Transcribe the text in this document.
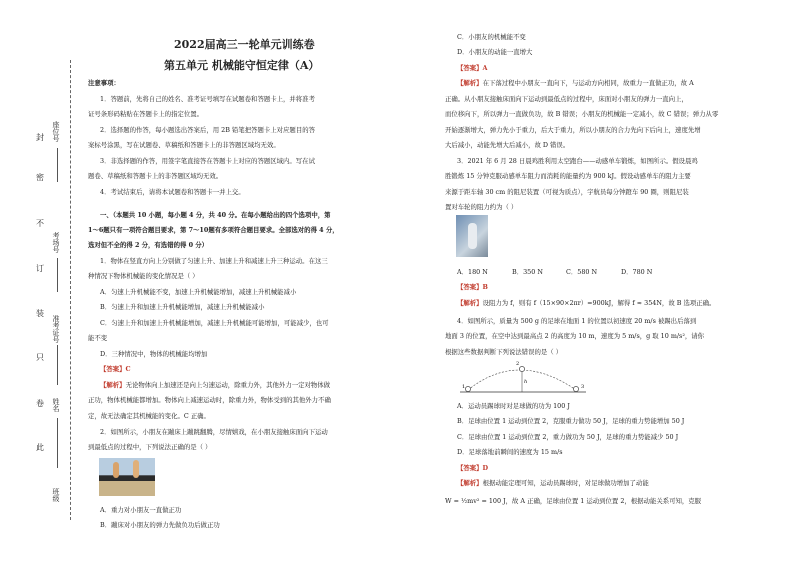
座位号
考场号
准考证号
姓名
班级
封
密
不
订
装
只
卷
此
2022届高三一轮单元训练卷
第五单元 机械能守恒定律（A）
注意事项：
1．答题前，先将自己的姓名、准考证号填写在试题卷和答题卡上，并将准考
证号条形码粘贴在答题卡上的指定位置。
2．选择题的作答，每小题选出答案后，用 2B 铅笔把答题卡上对应题目的答
案标号涂黑，写在试题卷、草稿纸和答题卡上的非答题区域均无效。
3．非选择题的作答，用签字笔直接答在答题卡上对应的答题区域内。写在试
题卷、草稿纸和答题卡上的非答题区域均无效。
4．考试结束后，请将本试题卷和答题卡一并上交。
一、（本题共 10 小题，每小题 4 分，共 40 分。在每小题给出的四个选项中，第
1～6题只有一项符合题目要求，第 7～10题有多项符合题目要求。全部选对的得 4 分，
选对但不全的得 2 分，有选错的得 0 分）
1．物体在竖直方向上分别做了匀速上升、加速上升和减速上升三种运动。在这三
种情况下物体机械能的变化情况是（ ）
A．匀速上升机械能不变，加速上升机械能增加，减速上升机械能减小
B．匀速上升和加速上升机械能增加，减速上升机械能减小
C．匀速上升和加速上升机械能增加，减速上升机械能可能增加，可能减少，也可
能不变
D．三种情况中，物体的机械能均增加
【答案】C
【解析】无论物体向上加速还是向上匀速运动，除重力外，其他外力一定对物体做
正功，物体机械能都增加。物体向上减速运动时，除重力外，物体受到的其他外力不确
定，故无法确定其机械能的变化。C 正确。
2．如图所示，小朋友在蹦床上蹦跳翻腾，尽情嬉戏，在小朋友接触床面向下运动
到最低点的过程中，下列说法正确的是（ ）
A．重力对小朋友一直做正功
B．蹦床对小朋友的弹力先做负功后做正功
C．小朋友的机械能不变
D．小朋友的动能一直增大
【答案】A
【解析】在下落过程中小朋友一直向下，与运动方向相同，故重力一直做正功，故 A
正确。从小朋友接触床面向下运动到最低点的过程中，床面对小朋友的弹力一直向上，
而位移向下，所以弹力一直做负功，故 B 错误；小朋友的机械能一定减小，故 C 错误；弹力从零
开始逐渐增大，弹力先小于重力，后大于重力，所以小朋友的合力先向下后向上，速度先增
大后减小，动能先增大后减小，故 D 错误。
3．2021 年 6 月 28 日晨鸡胜利用太空跑台——动感单车锻炼，如图所示。假设晨鸡
胜锻炼 15 分钟克服动感单车阻力而消耗的能量约为 900 kJ。假设动感单车的阻力主要
来源于距车轴 30 cm 的阻尼装置（可视为质点），宇航员每分钟蹬车 90 圈，则阻尼装
置对车轮的阻力约为（ ）
A．180 N	B．350 N	C．580 N	D．780 N
【答案】B
【解析】设阻力为 f，则有 f（15×90×2πr）=900kJ，解得 f ≈ 354N，故 B 选项正确。
4．如图所示，质量为 500 g 的足球在地面 1 的位置以初速度 20 m/s 被踢出后落到
地面 3 的位置，在空中达到最高点 2 的高度为 10 m，速度为 5 m/s，g 取 10 m/s²，请你
根据这些数据判断下列说法错误的是（ ）
1
2
3
h
A．运动员踢球时对足球做的功为 100 J
B．足球由位置 1 运动到位置 2，克服重力做功 50 J，足球的重力势能增加 50 J
C．足球由位置 1 运动到位置 2，重力做功为 50 J，足球的重力势能减少 50 J
D．足球落地前瞬间的速度为 15 m/s
【答案】D
【解析】根据动能定理可知，运动员踢球时，对足球做功增加了动能
W = ½mv² = 100 J，故 A 正确，足球由位置 1 运动到位置 2，根据动能关系可知，克服
